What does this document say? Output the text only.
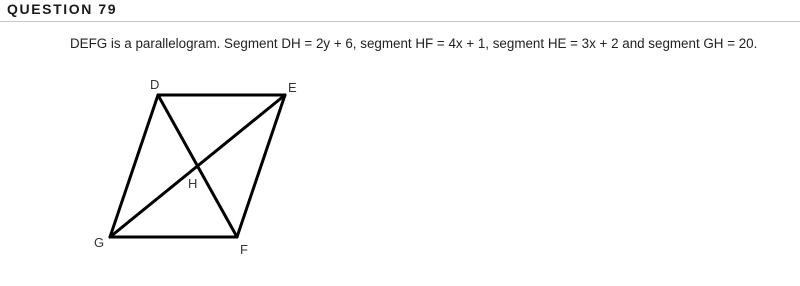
QUESTION 79
DEFG is a parallelogram. Segment DH = 2y + 6, segment HF = 4x + 1, segment HE = 3x + 2 and segment GH = 20.
D	E
H
G	F
